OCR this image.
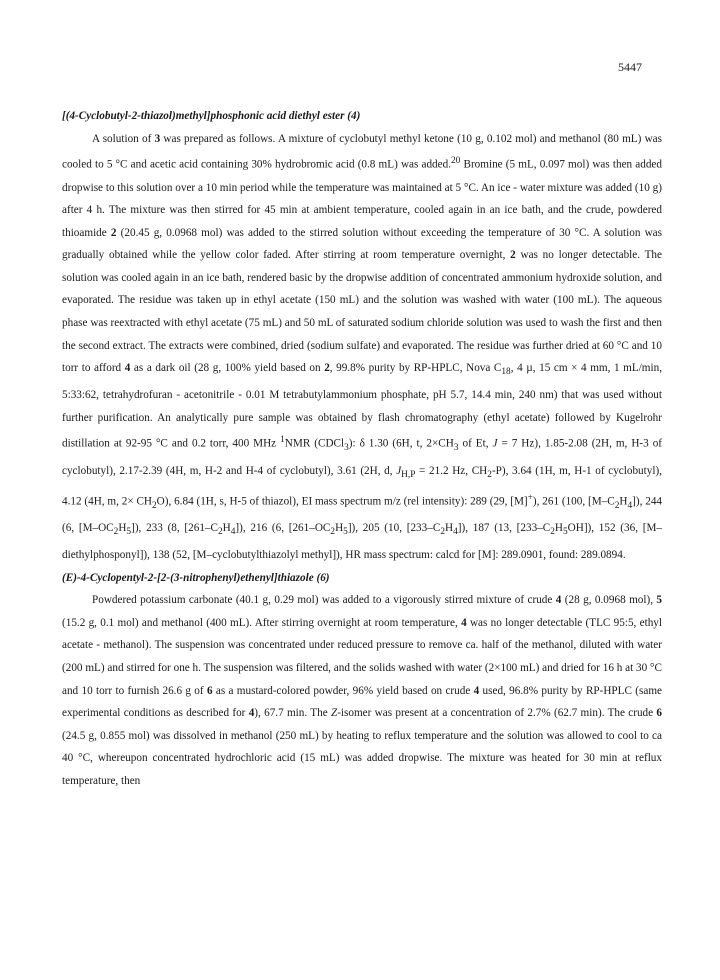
5447

[(4-Cyclobutyl-2-thiazol)methyl]phosphonic acid diethyl ester (4)

A solution of 3 was prepared as follows. A mixture of cyclobutyl methyl ketone (10 g, 0.102 mol) and methanol (80 mL) was cooled to 5 °C and acetic acid containing 30% hydrobromic acid (0.8 mL) was added.$^{20}$ Bromine (5 mL, 0.097 mol) was then added dropwise to this solution over a 10 min period while the temperature was maintained at 5 °C. An ice - water mixture was added (10 g) after 4 h. The mixture was then stirred for 45 min at ambient temperature, cooled again in an ice bath, and the crude, powdered thioamide 2 (20.45 g, 0.0968 mol) was added to the stirred solution without exceeding the temperature of 30 °C. A solution was gradually obtained while the yellow color faded. After stirring at room temperature overnight, 2 was no longer detectable. The solution was cooled again in an ice bath, rendered basic by the dropwise addition of concentrated ammonium hydroxide solution, and evaporated. The residue was taken up in ethyl acetate (150 mL) and the solution was washed with water (100 mL). The aqueous phase was reextracted with ethyl acetate (75 mL) and 50 mL of saturated sodium chloride solution was used to wash the first and then the second extract. The extracts were combined, dried (sodium sulfate) and evaporated. The residue was further dried at 60 °C and 10 torr to afford 4 as a dark oil (28 g, 100% yield based on 2, 99.8% purity by RP-HPLC, Nova $C_{18}$, 4 µ, 15 cm × 4 mm, 1 mL/min, 5:33:62, tetrahydrofuran - acetonitrile - 0.01 M tetrabutylammonium phosphate, pH 5.7, 14.4 min, 240 nm) that was used without further purification. An analytically pure sample was obtained by flash chromatography (ethyl acetate) followed by Kugelrohr distillation at 92-95 °C and 0.2 torr, 400 MHz $^1$NMR (CDCl$_3$): δ 1.30 (6H, t, $2\times CH_3$ of Et, J = 7 Hz), 1.85-2.08 (2H, m, H-3 of cyclobutyl), 2.17-2.39 (4H, m, H-2 and H-4 of cyclobutyl), 3.61 (2H, d, $J_{H,P} = 21.2$ Hz, $CH_2-P$), 3.64 (1H, m, H-1 of cyclobutyl), 4.12 (4H, m, $2\times CH_2O$), 6.84 (1H, s, H-5 of thiazol), EI mass spectrum m/z (rel intensity): 289 (29, [M]+), 261 (100, $[M-C_2H_4]$), 244 (6, $[M-OC_2H_5]$), 233 (8, $[261-C_2H_4]$), 216 (6, $[261-OC_2H_5]$), 205 (10, $[233-C_2H_4]$), 187 (13, $[233-C_2H_5OH]$), 152 (36, [M–diethylphosponyl]), 138 (52, [M–cyclobutylthiazolyl methyl]), HR mass spectrum: calcd for [M]: 289.0901, found: 289.0894.

(E)-4-Cyclopentyl-2-[2-(3-nitrophenyl)ethenyl]thiazole (6)

Powdered potassium carbonate (40.1 g, 0.29 mol) was added to a vigorously stirred mixture of crude 4 (28 g, 0.0968 mol), 5 (15.2 g, 0.1 mol) and methanol (400 mL). After stirring overnight at room temperature, 4 was no longer detectable (TLC 95:5, ethyl acetate - methanol). The suspension was concentrated under reduced pressure to remove ca. half of the methanol, diluted with water (200 mL) and stirred for one h. The suspension was filtered, and the solids washed with water (2×100 mL) and dried for 16 h at 30 °C and 10 torr to furnish 26.6 g of 6 as a mustard-colored powder, 96% yield based on crude 4 used, 96.8% purity by RP-HPLC (same experimental conditions as described for 4), 67.7 min. The Z-isomer was present at a concentration of 2.7% (62.7 min). The crude 6 (24.5 g, 0.855 mol) was dissolved in methanol (250 mL) by heating to reflux temperature and the solution was allowed to cool to ca 40 °C, whereupon concentrated hydrochloric acid (15 mL) was added dropwise. The mixture was heated for 30 min at reflux temperature, then
